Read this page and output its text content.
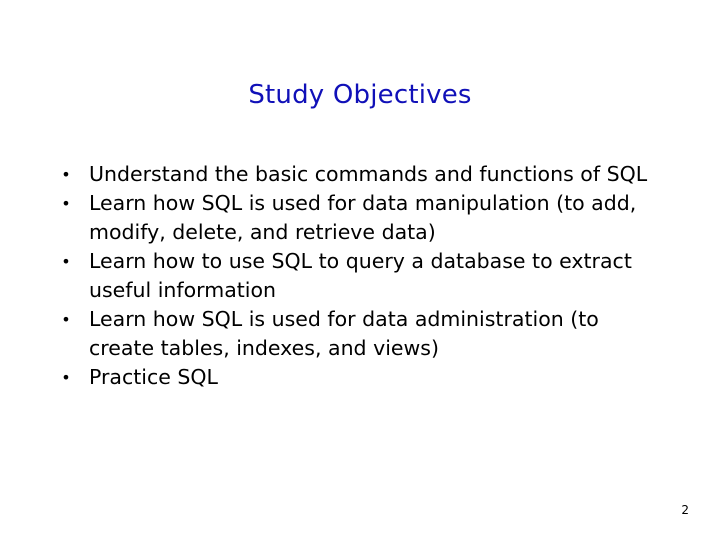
Study Objectives
• Understand the basic commands and functions of SQL
• Learn how SQL is used for data manipulation (to add, modify, delete, and retrieve data)
• Learn how to use SQL to query a database to extract useful information
• Learn how SQL is used for data administration (to create tables, indexes, and views)
• Practice SQL
2
